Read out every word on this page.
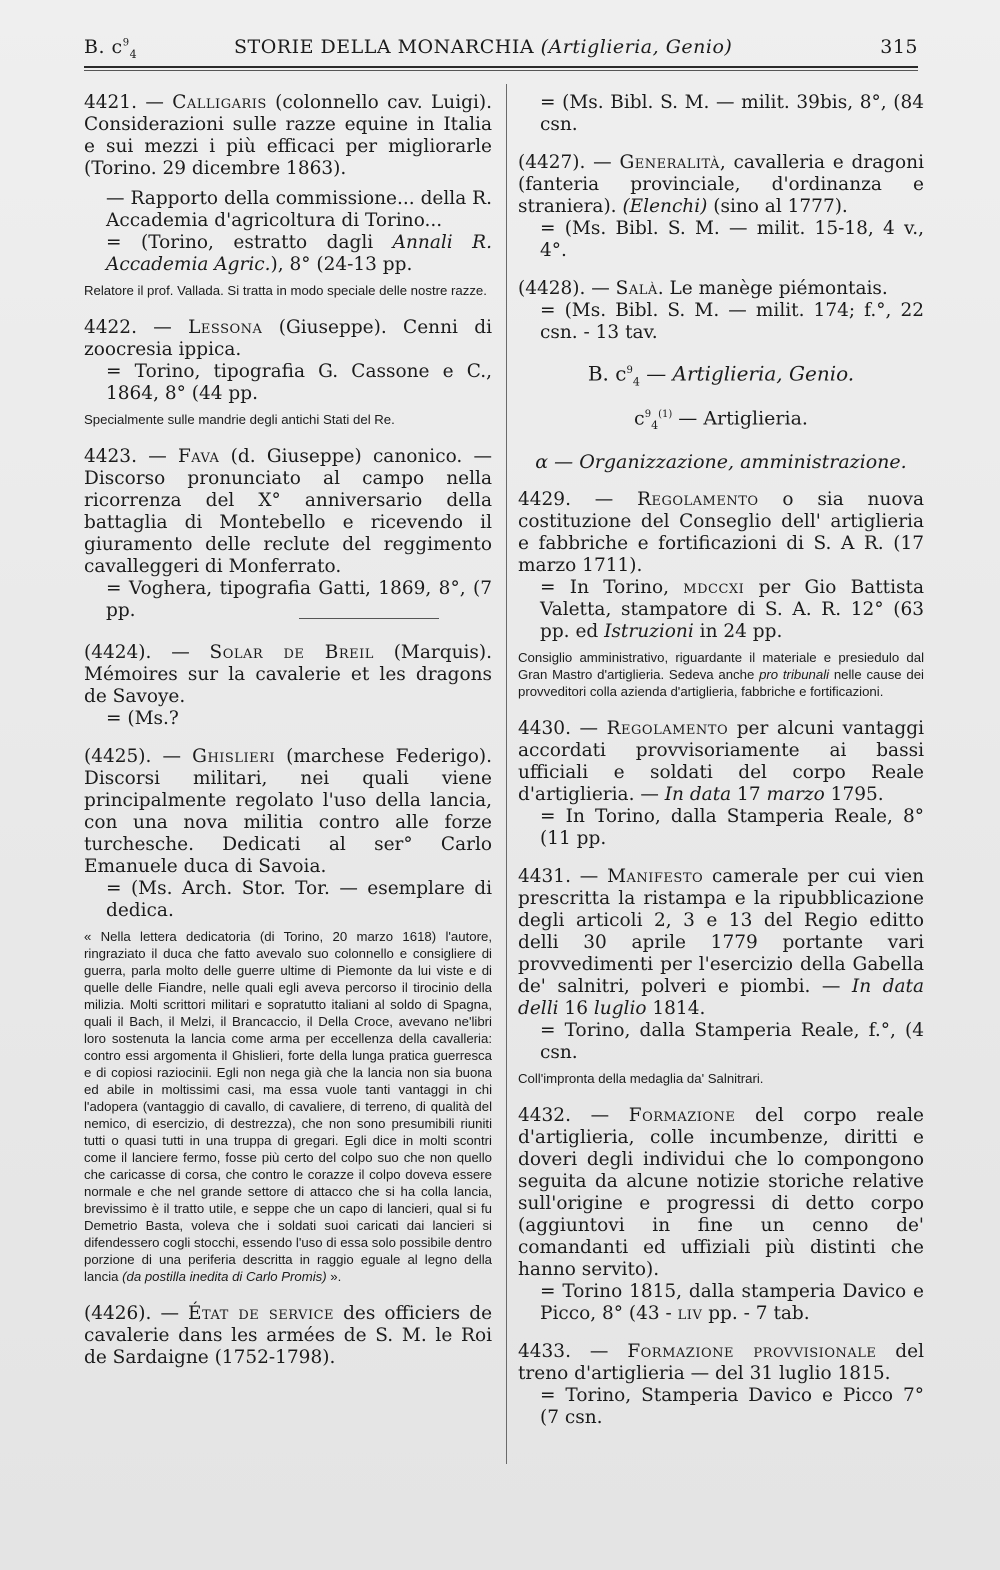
B. $c^9_4$	STORIE DELLA MONARCHIA (Artiglieria, Genio)	315

4421. — Calligaris (colonnello cav. Luigi). Considerazioni sulle razze equine in Italia e sui mezzi i più efficaci per migliorarle (Torino. 29 dicembre 1863).

— Rapporto della commissione... della R. Accademia d'agricoltura di Torino...

= (Torino, estratto dagli Annali R. Accademia Agric.), 8° (24-13 pp.

Relatore il prof. Vallada. Si tratta in modo speciale delle nostre razze.

4422. — Lessona (Giuseppe). Cenni di zoocresia ippica.

= Torino, tipografia G. Cassone e C., 1864, 8° (44 pp.

Specialmente sulle mandrie degli antichi Stati del Re.

4423. — Fava (d. Giuseppe) canonico. — Discorso pronunciato al campo nella ricorrenza del X° anniversario della battaglia di Montebello e ricevendo il giuramento delle reclute del reggimento cavalleggeri di Monferrato.

= Voghera, tipografia Gatti, 1869, 8°, (7 pp.

(4424). — Solar de Breil (Marquis). Mémoires sur la cavalerie et les dragons de Savoye.

= (Ms.?

(4425). — Ghislieri (marchese Federigo). Discorsi militari, nei quali viene principalmente regolato l'uso della lancia, con una nova militia contro alle forze turchesche. Dedicati al ser° Carlo Emanuele duca di Savoia.

= (Ms. Arch. Stor. Tor. — esemplare di dedica.

« Nella lettera dedicatoria (di Torino, 20 marzo 1618) l'autore, ringraziato il duca che fatto avevalo suo colonnello e consigliere di guerra, parla molto delle guerre ultime di Piemonte da lui viste e di quelle delle Fiandre, nelle quali egli aveva percorso il tirocinio della milizia. Molti scrittori militari e sopratutto italiani al soldo di Spagna, quali il Bach, il Melzi, il Brancaccio, il Della Croce, avevano ne'libri loro sostenuta la lancia come arma per eccellenza della cavalleria: contro essi argomenta il Ghislieri, forte della lunga pratica guerresca e di copiosi raziocinii. Egli non nega già che la lancia non sia buona ed abile in moltissimi casi, ma essa vuole tanti vantaggi in chi l'adopera (vantaggio di cavallo, di cavaliere, di terreno, di qualità del nemico, di esercizio, di destrezza), che non sono presumibili riuniti tutti o quasi tutti in una truppa di gregari. Egli dice in molti scontri come il lanciere fermo, fosse più certo del colpo suo che non quello che caricasse di corsa, che contro le corazze il colpo doveva essere normale e che nel grande settore di attacco che si ha colla lancia, brevissimo è il tratto utile, e seppe che un capo di lancieri, qual si fu Demetrio Basta, voleva che i soldati suoi caricati dai lancieri si difendessero cogli stocchi, essendo l'uso di essa solo possibile dentro porzione di una periferia descritta in raggio eguale al legno della lancia (da postilla inedita di Carlo Promis) ».

(4426). — État de service des officiers de cavalerie dans les armées de S. M. le Roi de Sardaigne (1752-1798).

= (Ms. Bibl. S. M. — milit. 39bis, 8°, (84 csn.

(4427). — Generalità, cavalleria e dragoni (fanteria provinciale, d'ordinanza e straniera). (Elenchi) (sino al 1777).

= (Ms. Bibl. S. M. — milit. 15-18, 4 v., 4°.

(4428). — Salà. Le manège piémontais.

= (Ms. Bibl. S. M. — milit. 174; f.°, 22 csn. - 13 tav.

B. $c^9_4$ — Artiglieria, Genio.
$c^9_4^{(1)}$ — Artiglieria.
α — Organizzazione, amministrazione.

4429. — Regolamento o sia nuova costituzione del Conseglio dell' artiglieria e fabbriche e fortificazioni di S. A R. (17 marzo 1711).

= In Torino, mdccxi per Gio Battista Valetta, stampatore di S. A. R. 12° (63 pp. ed Istruzioni in 24 pp.

Consiglio amministrativo, riguardante il materiale e presiedulo dal Gran Mastro d'artiglieria. Sedeva anche pro tribunali nelle cause dei provveditori colla azienda d'artiglieria, fabbriche e fortificazioni.

4430. — Regolamento per alcuni vantaggi accordati provvisoriamente ai bassi ufficiali e soldati del corpo Reale d'artiglieria. — In data 17 marzo 1795.

= In Torino, dalla Stamperia Reale, 8° (11 pp.

4431. — Manifesto camerale per cui vien prescritta la ristampa e la ripubblicazione degli articoli 2, 3 e 13 del Regio editto delli 30 aprile 1779 portante vari provvedimenti per l'esercizio della Gabella de' salnitri, polveri e piombi. — In data delli 16 luglio 1814.

= Torino, dalla Stamperia Reale, f.°, (4 csn.

Coll'impronta della medaglia da' Salnitrari.

4432. — Formazione del corpo reale d'artiglieria, colle incumbenze, diritti e doveri degli individui che lo compongono seguita da alcune notizie storiche relative sull'origine e progressi di detto corpo (aggiuntovi in fine un cenno de' comandanti ed uffiziali più distinti che hanno servito).

= Torino 1815, dalla stamperia Davico e Picco, 8° (43 - liv pp. - 7 tab.

4433. — Formazione provvisionale del treno d'artiglieria — del 31 luglio 1815.

= Torino, Stamperia Davico e Picco 7° (7 csn.
